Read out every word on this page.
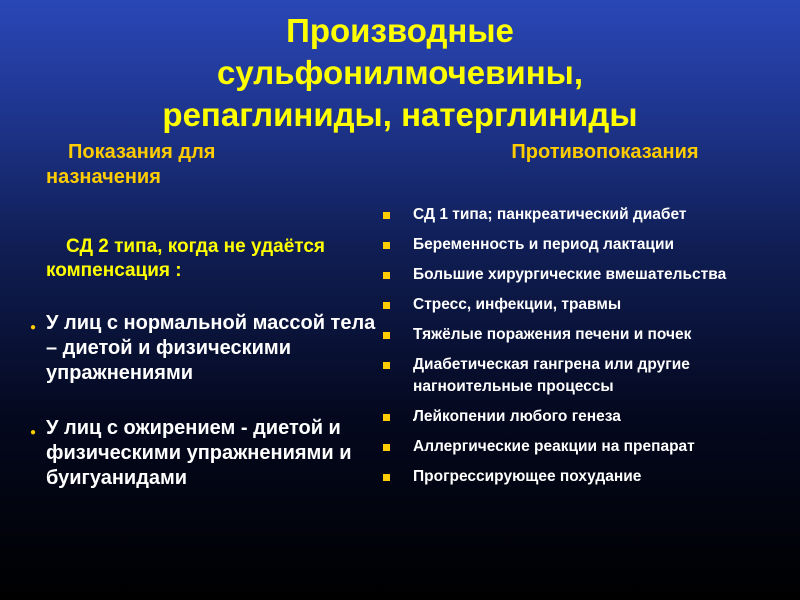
Производные
сульфонилмочевины,
репаглиниды, натерглиниды
Показания для
назначения
СД 2 типа, когда не удаётся
компенсация :
● У лиц с нормальной массой тела – диетой и физическими упражнениями
● У лиц с ожирением - диетой и физическими упражнениями и буигуанидами
Противопоказания
СД 1 типа; панкреатический диабет
Беременность и период лактации
Большие хирургические вмешательства
Стресс, инфекции, травмы
Тяжёлые поражения печени и почек
Диабетическая гангрена или другие нагноительные процессы
Лейкопении любого генеза
Аллергические реакции на препарат
Прогрессирующее похудание
